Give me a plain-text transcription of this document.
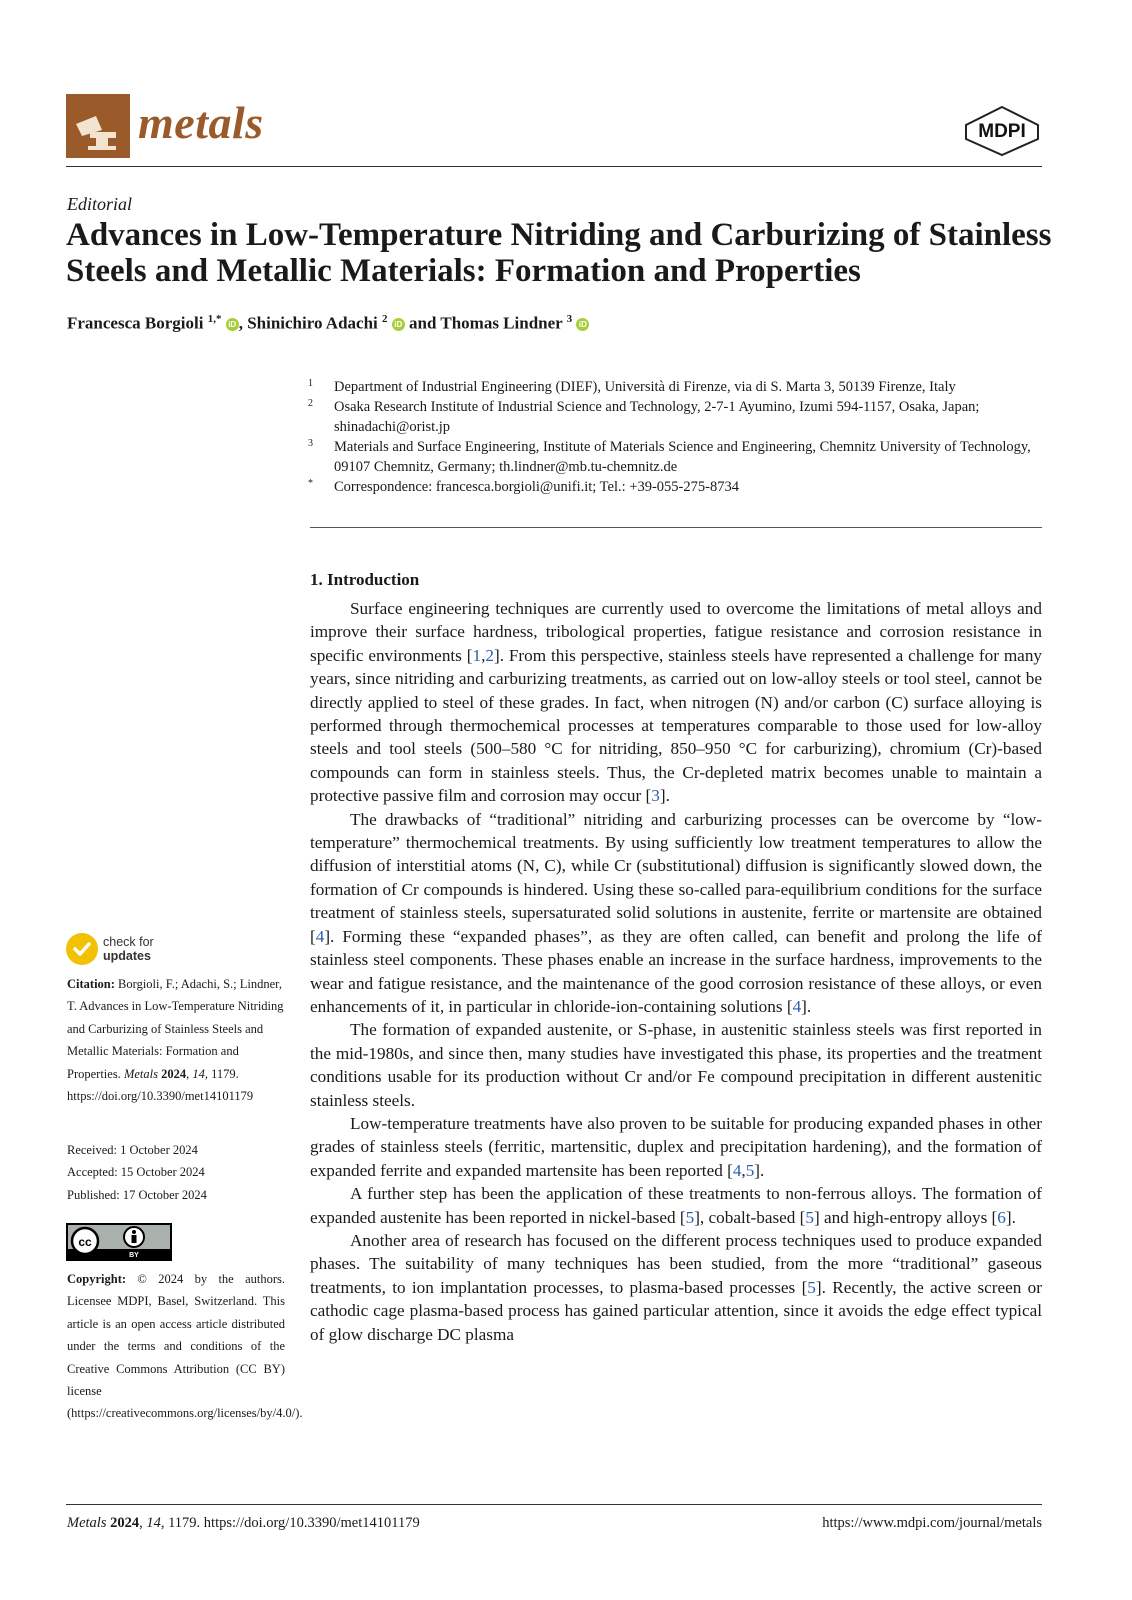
metals	MDPI
Editorial
Advances in Low-Temperature Nitriding and Carburizing of Stainless Steels and Metallic Materials: Formation and Properties
Francesca Borgioli $^{1,*}$ iD , Shinichiro Adachi $^2$ iD and Thomas Lindner $^3$ iD
1 Department of Industrial Engineering (DIEF), Università di Firenze, via di S. Marta 3, 50139 Firenze, Italy
2 Osaka Research Institute of Industrial Science and Technology, 2-7-1 Ayumino, Izumi 594-1157, Osaka, Japan; shinadachi@orist.jp
3 Materials and Surface Engineering, Institute of Materials Science and Engineering, Chemnitz University of Technology, 09107 Chemnitz, Germany; th.lindner@mb.tu-chemnitz.de
* Correspondence: francesca.borgioli@unifi.it; Tel.: +39-055-275-8734
1. Introduction

Surface engineering techniques are currently used to overcome the limitations of metal alloys and improve their surface hardness, tribological properties, fatigue resistance and corrosion resistance in specific environments [1,2]. From this perspective, stainless steels have represented a challenge for many years, since nitriding and carburizing treatments, as carried out on low-alloy steels or tool steel, cannot be directly applied to steel of these grades. In fact, when nitrogen (N) and/or carbon (C) surface alloying is performed through thermochemical processes at temperatures comparable to those used for low-alloy steels and tool steels (500–580 °C for nitriding, 850–950 °C for carburizing), chromium (Cr)-based compounds can form in stainless steels. Thus, the Cr-depleted matrix becomes unable to maintain a protective passive film and corrosion may occur [3].

The drawbacks of “traditional” nitriding and carburizing processes can be overcome by “low-temperature” thermochemical treatments. By using sufficiently low treatment temperatures to allow the diffusion of interstitial atoms (N, C), while Cr (substitutional) diffusion is significantly slowed down, the formation of Cr compounds is hindered. Using these so-called para-equilibrium conditions for the surface treatment of stainless steels, supersaturated solid solutions in austenite, ferrite or martensite are obtained [4]. Forming these “expanded phases”, as they are often called, can benefit and prolong the life of stainless steel components. These phases enable an increase in the surface hardness, improvements to the wear and fatigue resistance, and the maintenance of the good corrosion resistance of these alloys, or even enhancements of it, in particular in chloride-ion-containing solutions [4].

The formation of expanded austenite, or S-phase, in austenitic stainless steels was first reported in the mid-1980s, and since then, many studies have investigated this phase, its properties and the treatment conditions usable for its production without Cr and/or Fe compound precipitation in different austenitic stainless steels.

Low-temperature treatments have also proven to be suitable for producing expanded phases in other grades of stainless steels (ferritic, martensitic, duplex and precipitation hardening), and the formation of expanded ferrite and expanded martensite has been reported [4,5].

A further step has been the application of these treatments to non-ferrous alloys. The formation of expanded austenite has been reported in nickel-based [5], cobalt-based [5] and high-entropy alloys [6].

Another area of research has focused on the different process techniques used to produce expanded phases. The suitability of many techniques has been studied, from the more “traditional” gaseous treatments, to ion implantation processes, to plasma-based processes [5]. Recently, the active screen or cathodic cage plasma-based process has gained particular attention, since it avoids the edge effect typical of glow discharge DC plasma

check for
updates

Citation: Borgioli, F.; Adachi, S.; Lindner, T. Advances in Low-Temperature Nitriding and Carburizing of Stainless Steels and Metallic Materials: Formation and Properties. Metals 2024, 14, 1179. https://doi.org/10.3390/met14101179

Received: 1 October 2024
Accepted: 15 October 2024
Published: 17 October 2024
cc
BY
Copyright: © 2024 by the authors. Licensee MDPI, Basel, Switzerland. This article is an open access article distributed under the terms and conditions of the Creative Commons Attribution (CC BY) license (https://creativecommons.org/licenses/by/4.0/).
Metals 2024, 14, 1179. https://doi.org/10.3390/met14101179	https://www.mdpi.com/journal/metals
